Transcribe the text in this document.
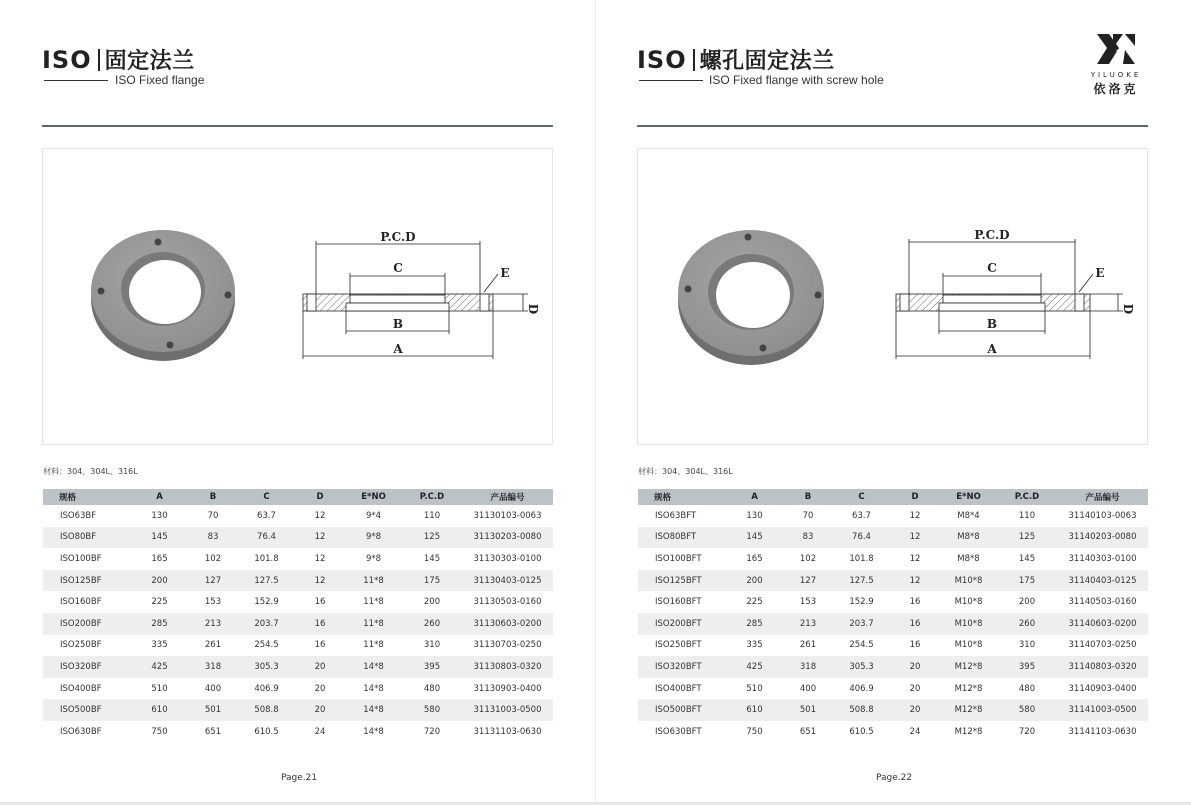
ISO 固定法兰
ISO Fixed flange
P.C.D
C	E
B
A
D
材料：304、304L、316L
规格	A	B	C	D	E*NO	P.C.D	产品编号
ISO63BF	130	70	63.7	12	9*4	110	31130103-0063
ISO80BF	145	83	76.4	12	9*8	125	31130203-0080
ISO100BF	165	102	101.8	12	9*8	145	31130303-0100
ISO125BF	200	127	127.5	12	11*8	175	31130403-0125
ISO160BF	225	153	152.9	16	11*8	200	31130503-0160
ISO200BF	285	213	203.7	16	11*8	260	31130603-0200
ISO250BF	335	261	254.5	16	11*8	310	31130703-0250
ISO320BF	425	318	305.3	20	14*8	395	31130803-0320
ISO400BF	510	400	406.9	20	14*8	480	31130903-0400
ISO500BF	610	501	508.8	20	14*8	580	31131003-0500
ISO630BF	750	651	610.5	24	14*8	720	31131103-0630
Page.21
ISO 螺孔固定法兰
ISO Fixed flange with screw hole
P.C.D
C	E
B
A
D
材料：304、304L、316L
规格	A	B	C	D	E*NO	P.C.D	产品编号
ISO63BFT	130	70	63.7	12	M8*4	110	31140103-0063
ISO80BFT	145	83	76.4	12	M8*8	125	31140203-0080
ISO100BFT	165	102	101.8	12	M8*8	145	31140303-0100
ISO125BFT	200	127	127.5	12	M10*8	175	31140403-0125
ISO160BFT	225	153	152.9	16	M10*8	200	31140503-0160
ISO200BFT	285	213	203.7	16	M10*8	260	31140603-0200
ISO250BFT	335	261	254.5	16	M10*8	310	31140703-0250
ISO320BFT	425	318	305.3	20	M12*8	395	31140803-0320
ISO400BFT	510	400	406.9	20	M12*8	480	31140903-0400
ISO500BFT	610	501	508.8	20	M12*8	580	31141003-0500
ISO630BFT	750	651	610.5	24	M12*8	720	31141103-0630
Page.22
YILUOKE
依洛克
